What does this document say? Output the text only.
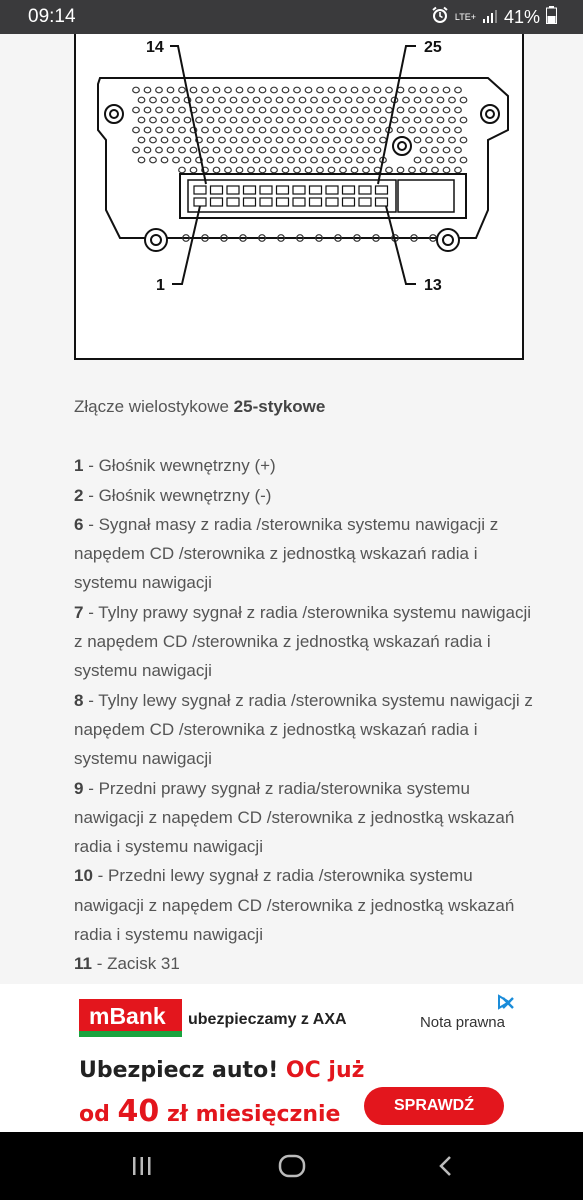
09:14	LTE+ 41%
14	25
1	13
Złącze wielostykowe 25-stykowe
1 - Głośnik wewnętrzny (+)
2 - Głośnik wewnętrzny (-)
6 - Sygnał masy z radia /sterownika systemu nawigacji z napędem CD /sterownika z jednostką wskazań radia i systemu nawigacji
7 - Tylny prawy sygnał z radia /sterownika systemu nawigacji z napędem CD /sterownika z jednostką wskazań radia i systemu nawigacji
8 - Tylny lewy sygnał z radia /sterownika systemu nawigacji z napędem CD /sterownika z jednostką wskazań radia i systemu nawigacji
9 - Przedni prawy sygnał z radia/sterownika systemu nawigacji z napędem CD /sterownika z jednostką wskazań radia i systemu nawigacji
10 - Przedni lewy sygnał z radia /sterownika systemu nawigacji z napędem CD /sterownika z jednostką wskazań radia i systemu nawigacji
11 - Zacisk 31
mBank ubezpieczamy z AXA	Nota prawna
Ubezpiecz auto! OC już
od 40 zł miesięcznie	SPRAWDŹ
